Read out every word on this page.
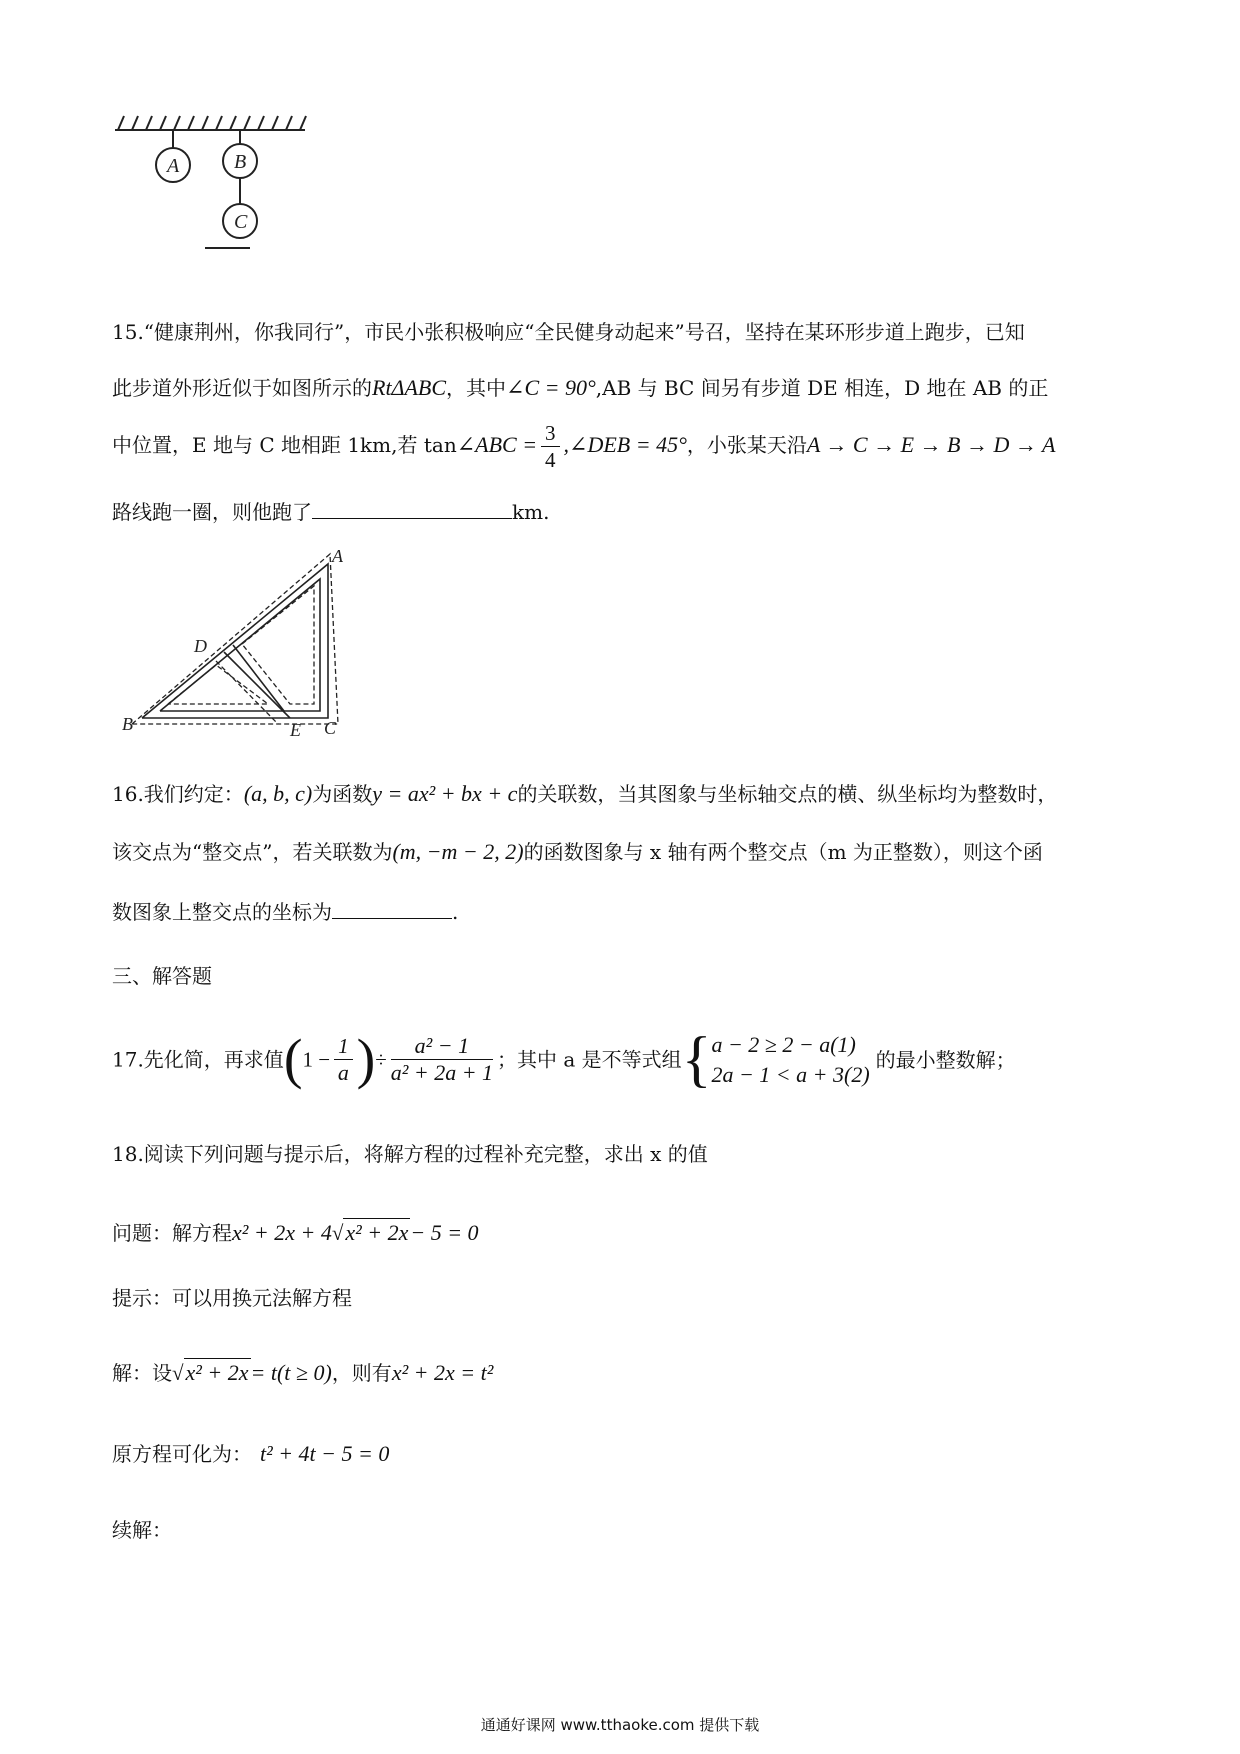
A	B
C
15.“健康荆州，你我同行”，市民小张积极响应“全民健身动起来”号召，坚持在某环形步道上跑步，已知
此步道外形近似于如图所示的RtΔABC，其中∠C = 90°,AB 与 BC 间另有步道 DE 相连，D 地在 AB 的正
中位置，E 地与 C 地相距 1km,若 tan∠ABC = $\frac{3}{4}$ ,∠DEB = 45°，小张某天沿A → C → E → B → D → A
路线跑一圈，则他跑了	km.
A
D
B	E C
16.我们约定：(a, b, c)为函数y = ax² + bx + c的关联数，当其图象与坐标轴交点的横、纵坐标均为整数时，
该交点为“整交点”，若关联数为(m, −m − 2, 2)的函数图象与 x 轴有两个整交点（m 为正整数），则这个函
数图象上整交点的坐标为	.
三、解答题
17.先化简，再求值($1 - \frac{1}{a}$ )÷ $\frac{\text{a² − 1}}{\text{a² + 2a + 1}}$ ；其中 a 是不等式组{ a − 2 ≥ 2 − a(1)
2a − 1 < a + 3(2)
的最小整数解；
18.阅读下列问题与提示后，将解方程的过程补充完整，求出 x 的值
问题：解方程x² + 2x + 4√x² + 2x− 5 = 0
提示：可以用换元法解方程
解：设√x² + 2x= t(t ≥ 0)，则有x² + 2x = t²
原方程可化为： t² + 4t − 5 = 0
续解：
通通好课网 www.tthaoke.com 提供下载
